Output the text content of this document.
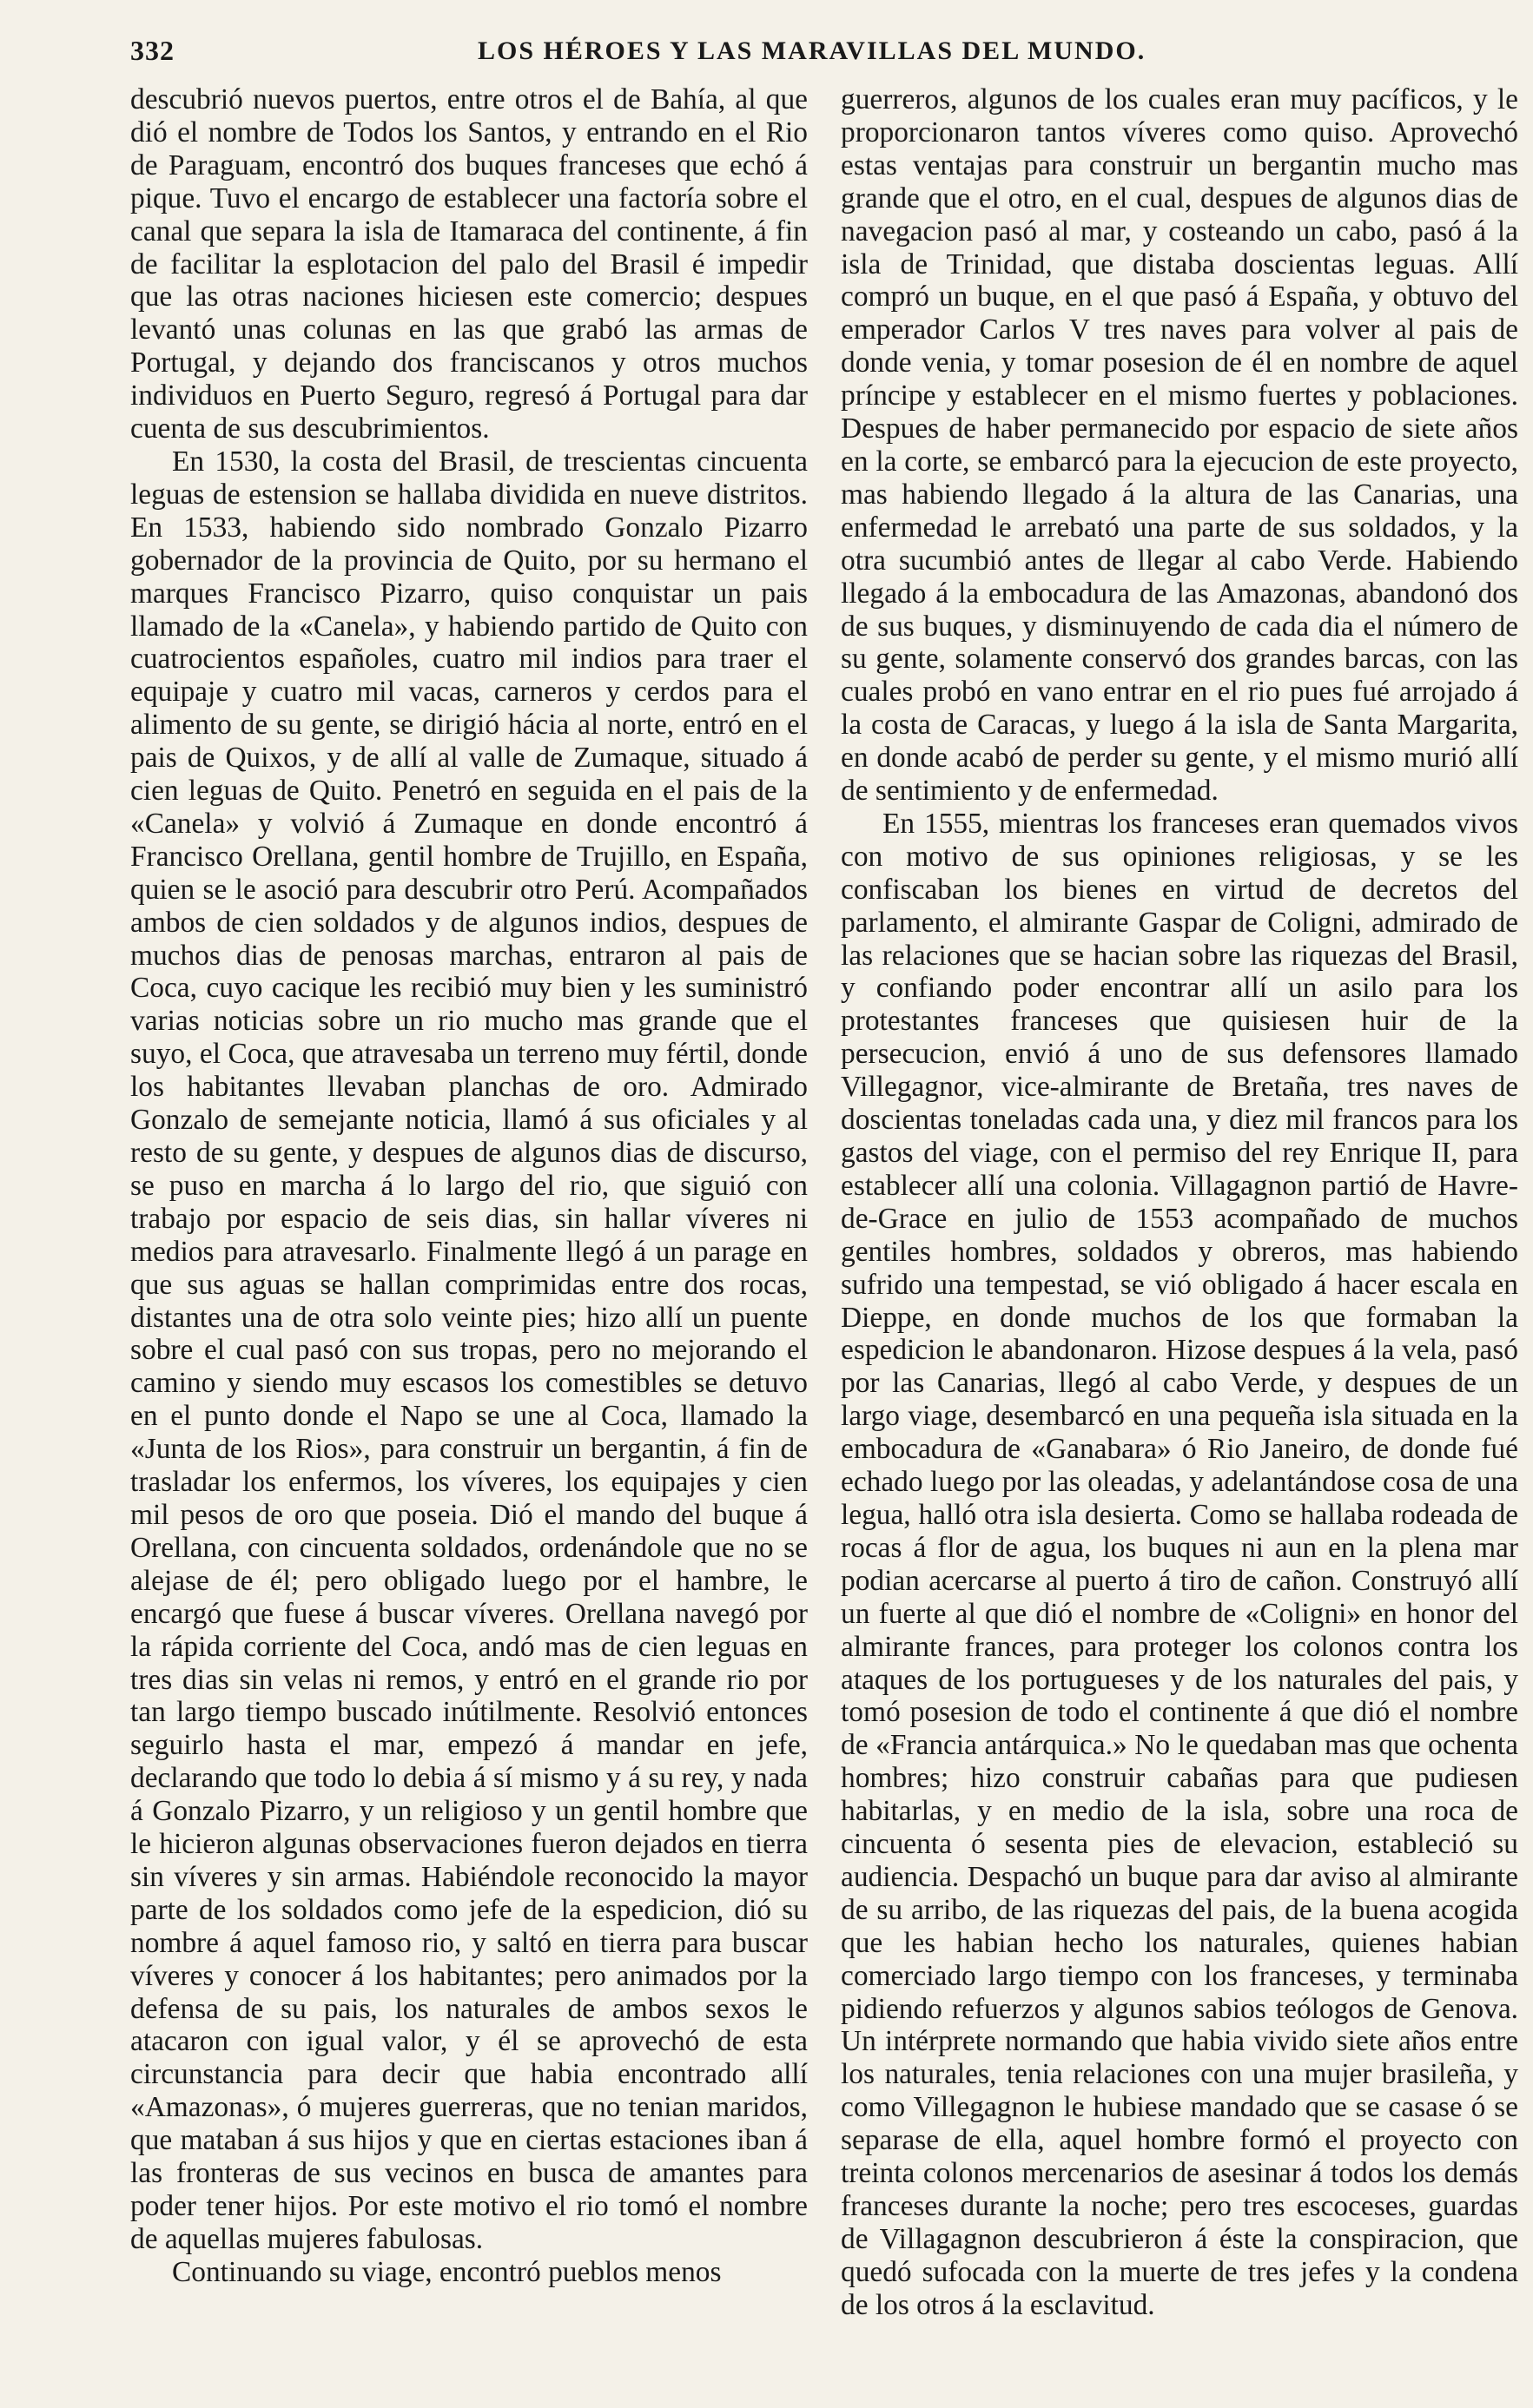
332	LOS HÉROES Y LAS MARAVILLAS DEL MUNDO.

descubrió nuevos puertos, entre otros el de Bahía, al que dió el nombre de Todos los Santos, y entrando en el Rio de Paraguam, encontró dos buques franceses que echó á pique. Tuvo el encargo de establecer una factoría sobre el canal que separa la isla de Itamaraca del continente, á fin de facilitar la esplotacion del palo del Brasil é impedir que las otras naciones hiciesen este comercio; despues levantó unas colunas en las que grabó las armas de Portugal, y dejando dos franciscanos y otros muchos individuos en Puerto Seguro, regresó á Portugal para dar cuenta de sus descubrimientos.

En 1530, la costa del Brasil, de trescientas cincuenta leguas de estension se hallaba dividida en nueve distritos. En 1533, habiendo sido nombrado Gonzalo Pizarro gobernador de la provincia de Quito, por su hermano el marques Francisco Pizarro, quiso conquistar un pais llamado de la «Canela», y habiendo partido de Quito con cuatrocientos españoles, cuatro mil indios para traer el equipaje y cuatro mil vacas, carneros y cerdos para el alimento de su gente, se dirigió hácia al norte, entró en el pais de Quixos, y de allí al valle de Zumaque, situado á cien leguas de Quito. Penetró en seguida en el pais de la «Canela» y volvió á Zumaque en donde encontró á Francisco Orellana, gentil hombre de Trujillo, en España, quien se le asoció para descubrir otro Perú. Acompañados ambos de cien soldados y de algunos indios, despues de muchos dias de penosas marchas, entraron al pais de Coca, cuyo cacique les recibió muy bien y les suministró varias noticias sobre un rio mucho mas grande que el suyo, el Coca, que atravesaba un terreno muy fértil, donde los habitantes llevaban planchas de oro. Admirado Gonzalo de semejante noticia, llamó á sus oficiales y al resto de su gente, y despues de algunos dias de discurso, se puso en marcha á lo largo del rio, que siguió con trabajo por espacio de seis dias, sin hallar víveres ni medios para atravesarlo. Finalmente llegó á un parage en que sus aguas se hallan comprimidas entre dos rocas, distantes una de otra solo veinte pies; hizo allí un puente sobre el cual pasó con sus tropas, pero no mejorando el camino y siendo muy escasos los comestibles se detuvo en el punto donde el Napo se une al Coca, llamado la «Junta de los Rios», para construir un bergantin, á fin de trasladar los enfermos, los víveres, los equipajes y cien mil pesos de oro que poseia. Dió el mando del buque á Orellana, con cincuenta soldados, ordenándole que no se alejase de él; pero obligado luego por el hambre, le encargó que fuese á buscar víveres. Orellana navegó por la rápida corriente del Coca, andó mas de cien leguas en tres dias sin velas ni remos, y entró en el grande rio por tan largo tiempo buscado inútilmente. Resolvió entonces seguirlo hasta el mar, empezó á mandar en jefe, declarando que todo lo debia á sí mismo y á su rey, y nada á Gonzalo Pizarro, y un religioso y un gentil hombre que le hicieron algunas observaciones fueron dejados en tierra sin víveres y sin armas. Habiéndole reconocido la mayor parte de los soldados como jefe de la espedicion, dió su nombre á aquel famoso rio, y saltó en tierra para buscar víveres y conocer á los habitantes; pero animados por la defensa de su pais, los naturales de ambos sexos le atacaron con igual valor, y él se aprovechó de esta circunstancia para decir que habia encontrado allí «Amazonas», ó mujeres guerreras, que no tenian maridos, que mataban á sus hijos y que en ciertas estaciones iban á las fronteras de sus vecinos en busca de amantes para poder tener hijos. Por este motivo el rio tomó el nombre de aquellas mujeres fabulosas.

Continuando su viage, encontró pueblos menos

guerreros, algunos de los cuales eran muy pacíficos, y le proporcionaron tantos víveres como quiso. Aprovechó estas ventajas para construir un bergantin mucho mas grande que el otro, en el cual, despues de algunos dias de navegacion pasó al mar, y costeando un cabo, pasó á la isla de Trinidad, que distaba doscientas leguas. Allí compró un buque, en el que pasó á España, y obtuvo del emperador Carlos V tres naves para volver al pais de donde venia, y tomar posesion de él en nombre de aquel príncipe y establecer en el mismo fuertes y poblaciones. Despues de haber permanecido por espacio de siete años en la corte, se embarcó para la ejecucion de este proyecto, mas habiendo llegado á la altura de las Canarias, una enfermedad le arrebató una parte de sus soldados, y la otra sucumbió antes de llegar al cabo Verde. Habiendo llegado á la embocadura de las Amazonas, abandonó dos de sus buques, y disminuyendo de cada dia el número de su gente, solamente conservó dos grandes barcas, con las cuales probó en vano entrar en el rio pues fué arrojado á la costa de Caracas, y luego á la isla de Santa Margarita, en donde acabó de perder su gente, y el mismo murió allí de sentimiento y de enfermedad.

En 1555, mientras los franceses eran quemados vivos con motivo de sus opiniones religiosas, y se les confiscaban los bienes en virtud de decretos del parlamento, el almirante Gaspar de Coligni, admirado de las relaciones que se hacian sobre las riquezas del Brasil, y confiando poder encontrar allí un asilo para los protestantes franceses que quisiesen huir de la persecucion, envió á uno de sus defensores llamado Villegagnor, vice-almirante de Bretaña, tres naves de doscientas toneladas cada una, y diez mil francos para los gastos del viage, con el permiso del rey Enrique II, para establecer allí una colonia. Villagagnon partió de Havre-de-Grace en julio de 1553 acompañado de muchos gentiles hombres, soldados y obreros, mas habiendo sufrido una tempestad, se vió obligado á hacer escala en Dieppe, en donde muchos de los que formaban la espedicion le abandonaron. Hizose despues á la vela, pasó por las Canarias, llegó al cabo Verde, y despues de un largo viage, desembarcó en una pequeña isla situada en la embocadura de «Ganabara» ó Rio Janeiro, de donde fué echado luego por las oleadas, y adelantándose cosa de una legua, halló otra isla desierta. Como se hallaba rodeada de rocas á flor de agua, los buques ni aun en la plena mar podian acercarse al puerto á tiro de cañon. Construyó allí un fuerte al que dió el nombre de «Coligni» en honor del almirante frances, para proteger los colonos contra los ataques de los portugueses y de los naturales del pais, y tomó posesion de todo el continente á que dió el nombre de «Francia antárquica.» No le quedaban mas que ochenta hombres; hizo construir cabañas para que pudiesen habitarlas, y en medio de la isla, sobre una roca de cincuenta ó sesenta pies de elevacion, estableció su audiencia. Despachó un buque para dar aviso al almirante de su arribo, de las riquezas del pais, de la buena acogida que les habian hecho los naturales, quienes habian comerciado largo tiempo con los franceses, y terminaba pidiendo refuerzos y algunos sabios teólogos de Genova. Un intérprete normando que habia vivido siete años entre los naturales, tenia relaciones con una mujer brasileña, y como Villegagnon le hubiese mandado que se casase ó se separase de ella, aquel hombre formó el proyecto con treinta colonos mercenarios de asesinar á todos los demás franceses durante la noche; pero tres escoceses, guardas de Villagagnon descubrieron á éste la conspiracion, que quedó sufocada con la muerte de tres jefes y la condena de los otros á la esclavitud.
